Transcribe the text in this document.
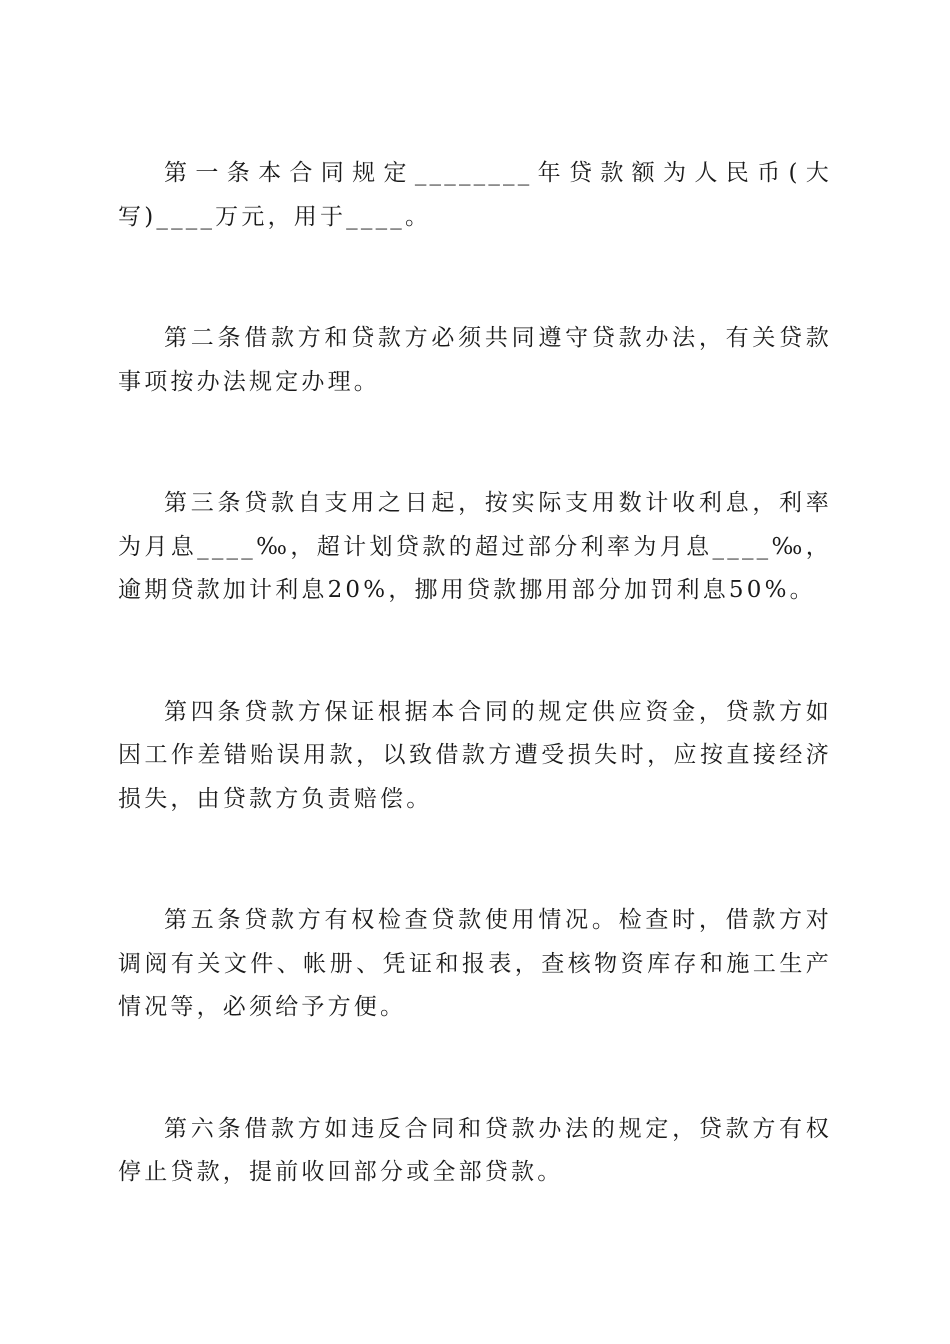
第一条本合同规定________年贷款额为人民币(大写)____万元，用于____。

第二条借款方和贷款方必须共同遵守贷款办法，有关贷款事项按办法规定办理。

第三条贷款自支用之日起，按实际支用数计收利息，利率为月息____‰，超计划贷款的超过部分利率为月息____‰，逾期贷款加计利息20%，挪用贷款挪用部分加罚利息50%。

第四条贷款方保证根据本合同的规定供应资金，贷款方如因工作差错贻误用款，以致借款方遭受损失时，应按直接经济损失，由贷款方负责赔偿。

第五条贷款方有权检查贷款使用情况。检查时，借款方对调阅有关文件、帐册、凭证和报表，查核物资库存和施工生产情况等，必须给予方便。

第六条借款方如违反合同和贷款办法的规定，贷款方有权停止贷款，提前收回部分或全部贷款。
